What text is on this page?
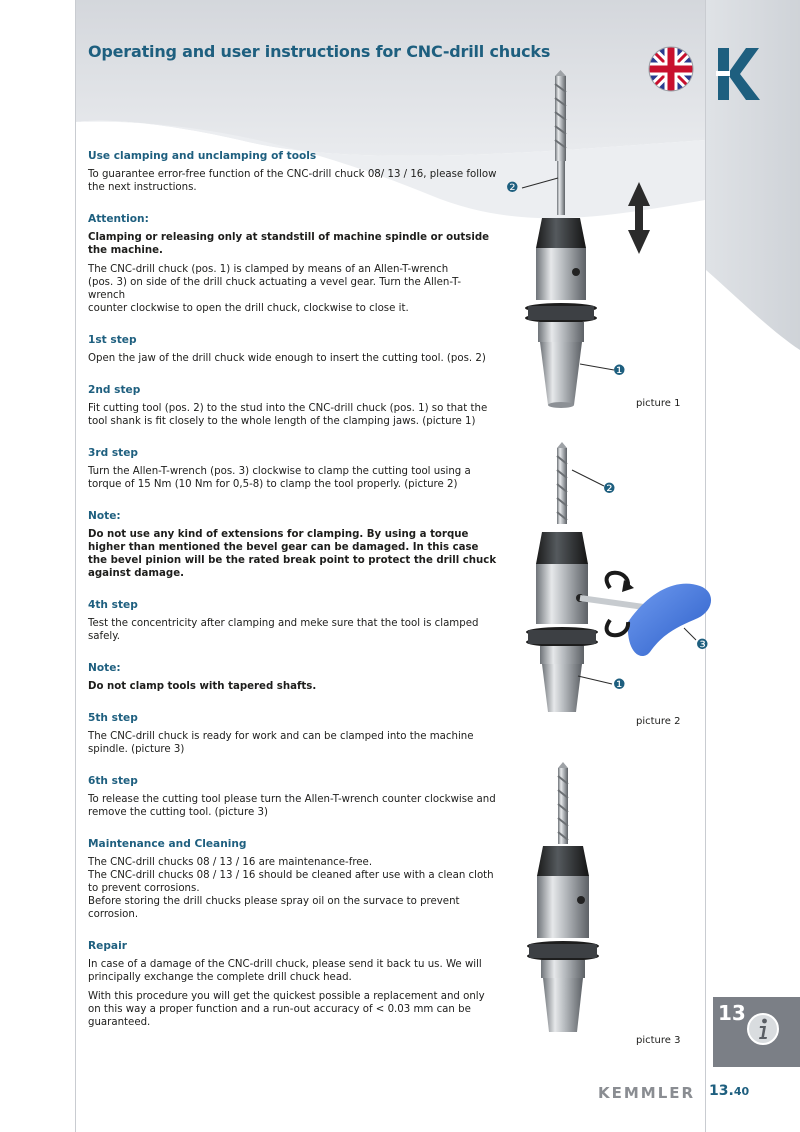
Operating and user instructions for CNC-drill chucks
Use clamping and unclamping of tools

To guarantee error-free function of the CNC-drill chuck 08/ 13 / 16, please follow the next instructions.

Attention:

Clamping or releasing only at standstill of machine spindle or outside the machine.

The CNC-drill chuck (pos. 1) is clamped by means of an Allen-T-wrench
(pos. 3) on side of the drill chuck actuating a vevel gear. Turn the Allen-T-wrench
counter clockwise to open the drill chuck, clockwise to close it.

1st step

Open the jaw of the drill chuck wide enough to insert the cutting tool. (pos. 2)

2nd step

Fit cutting tool (pos. 2) to the stud into the CNC-drill chuck (pos. 1) so that the tool shank is fit closely to the whole length of the clamping jaws. (picture 1)

3rd step

Turn the Allen-T-wrench (pos. 3) clockwise to clamp the cutting tool using a torque of 15 Nm (10 Nm for 0,5-8) to clamp the tool properly. (picture 2)

Note:

Do not use any kind of extensions for clamping. By using a torque higher than mentioned the bevel gear can be damaged. In this case the bevel pinion will be the rated break point to protect the drill chuck against damage.

4th step

Test the concentricity after clamping and meke sure that the tool is clamped safely.

Note:

Do not clamp tools with tapered shafts.

5th step

The CNC-drill chuck is ready for work and can be clamped into the machine spindle. (picture 3)

6th step

To release the cutting tool please turn the Allen-T-wrench counter clockwise and remove the cutting tool. (picture 3)

Maintenance and Cleaning

The CNC-drill chucks 08 / 13 / 16 are maintenance-free.
The CNC-drill chucks 08 / 13 / 16 should be cleaned after use with a clean cloth to prevent corrosions.
Before storing the drill chucks please spray oil on the survace to prevent corrosion.

Repair

In case of a damage of the CNC-drill chuck, please send it back tu us. We will principally exchange the complete drill chuck head.

With this procedure you will get the quickest possible a replacement and only on this way a proper function and a run-out accuracy of < 0.03 mm can be guaranteed.

❷
❶
picture 1
❷
❸
❶
picture 2
picture 3
13
KEMMLER 13.40
